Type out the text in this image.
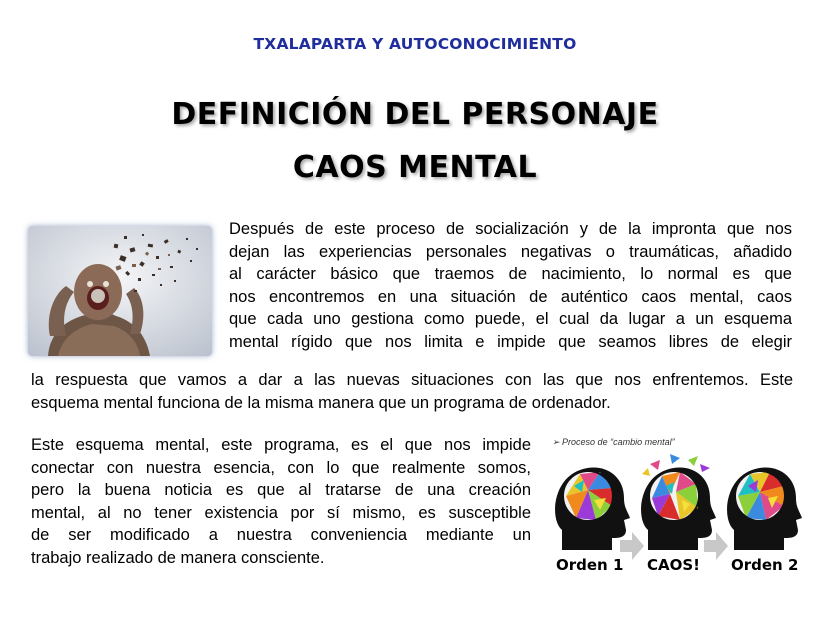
TXALAPARTA Y AUTOCONOCIMIENTO
DEFINICIÓN DEL PERSONAJE
CAOS MENTAL
Después de este proceso de socialización y de la impronta que nos
dejan las experiencias personales negativas o traumáticas, añadido
al carácter básico que traemos de nacimiento, lo normal es que
nos encontremos en una situación de auténtico caos mental, caos
que cada uno gestiona como puede, el cual da lugar a un esquema
mental rígido que nos limita e impide que seamos libres de elegir
la respuesta que vamos a dar a las nuevas situaciones con las que nos enfrentemos. Este
esquema mental funciona de la misma manera que un programa de ordenador.
Este esquema mental, este programa, es el que nos impide
conectar con nuestra esencia, con lo que realmente somos,
pero la buena noticia es que al tratarse de una creación
mental, al no tener existencia por sí mismo, es susceptible
de ser modificado a nuestra conveniencia mediante un
trabajo realizado de manera consciente.
➢ Proceso de “cambio mental”
Orden 1 CAOS! Orden 2
